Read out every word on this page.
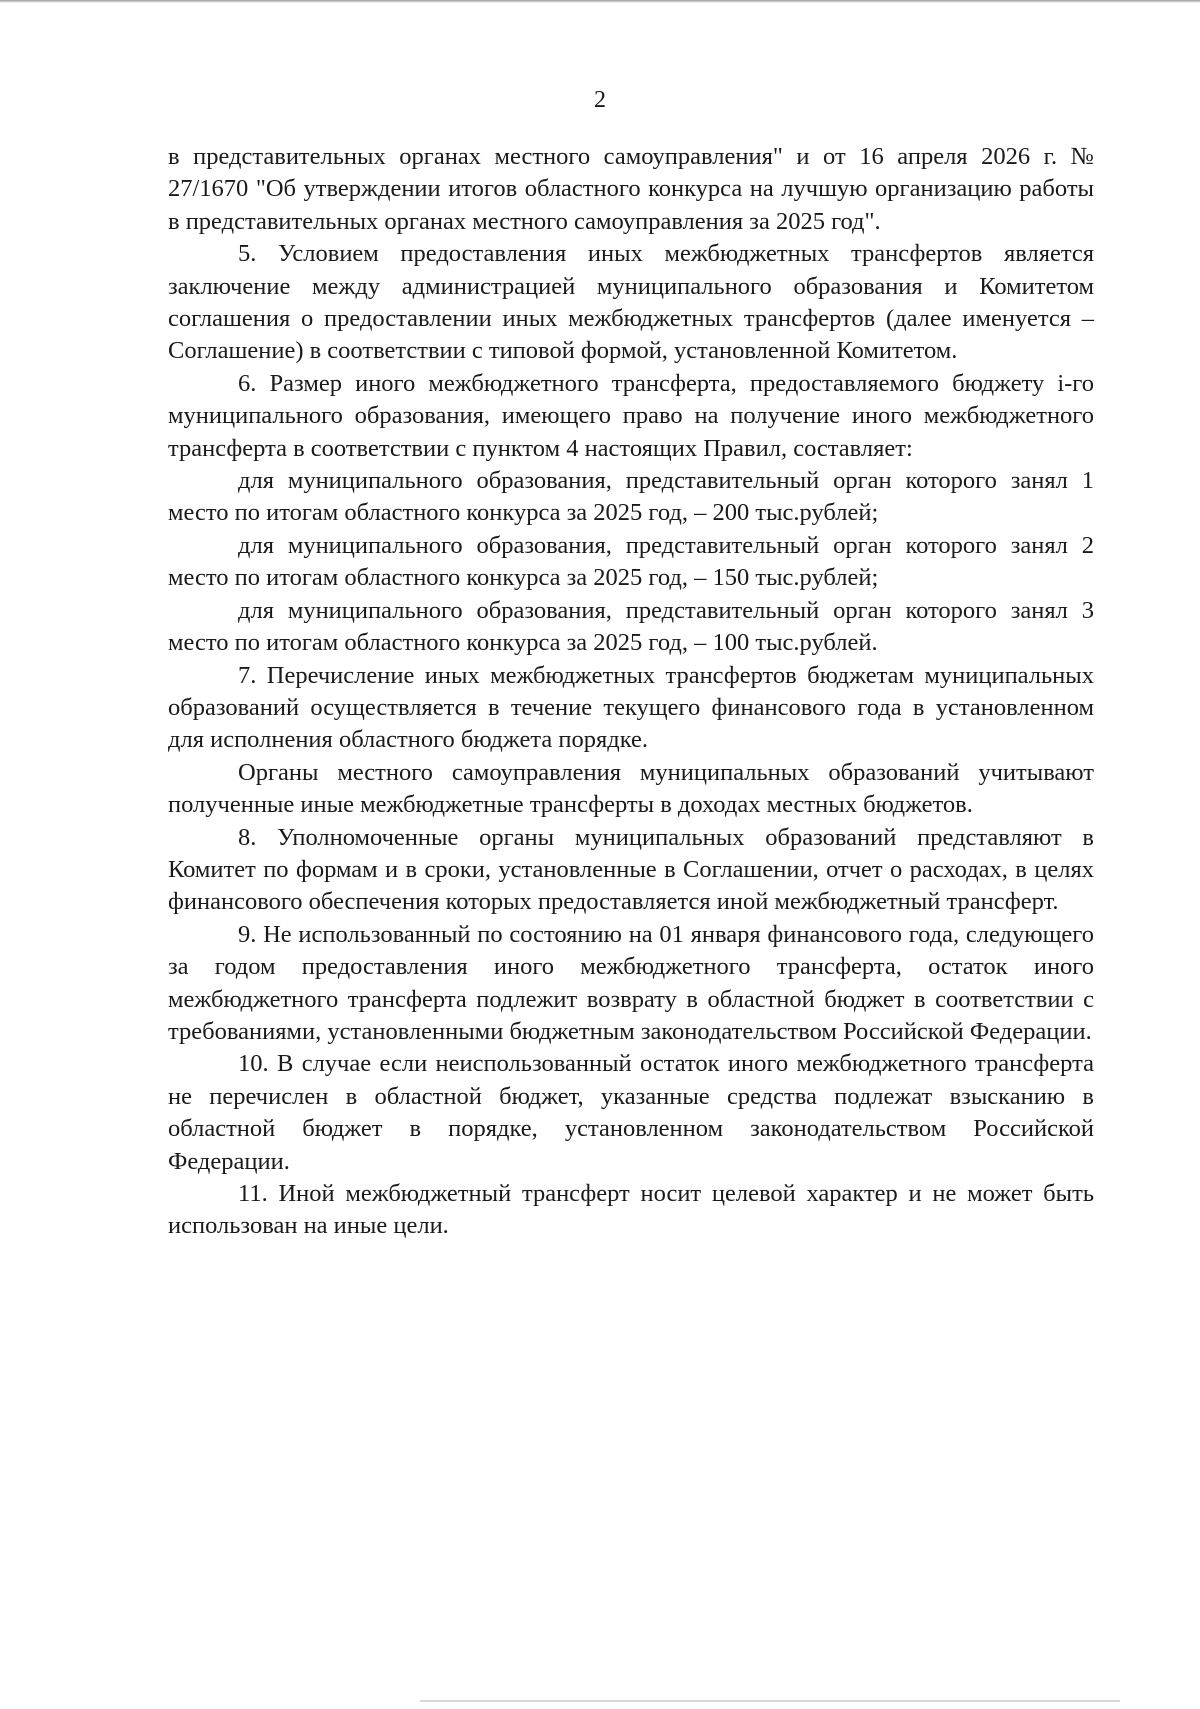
2

в представительных органах местного самоуправления" и от 16 апреля 2026 г. № 27/1670 "Об утверждении итогов областного конкурса на лучшую организацию работы в представительных органах местного самоуправления за 2025 год".

5. Условием предоставления иных межбюджетных трансфертов является заключение между администрацией муниципального образования и Комитетом соглашения о предоставлении иных межбюджетных трансфертов (далее именуется – Соглашение) в соответствии с типовой формой, установленной Комитетом.

6. Размер иного межбюджетного трансферта, предоставляемого бюджету i-го муниципального образования, имеющего право на получение иного межбюджетного трансферта в соответствии с пунктом 4 настоящих Правил, составляет:

для муниципального образования, представительный орган которого занял 1 место по итогам областного конкурса за 2025 год, – 200 тыс.рублей;

для муниципального образования, представительный орган которого занял 2 место по итогам областного конкурса за 2025 год, – 150 тыс.рублей;

для муниципального образования, представительный орган которого занял 3 место по итогам областного конкурса за 2025 год, – 100 тыс.рублей.

7. Перечисление иных межбюджетных трансфертов бюджетам муниципальных образований осуществляется в течение текущего финансового года в установленном для исполнения областного бюджета порядке.

Органы местного самоуправления муниципальных образований учитывают полученные иные межбюджетные трансферты в доходах местных бюджетов.

8. Уполномоченные органы муниципальных образований представляют в Комитет по формам и в сроки, установленные в Соглашении, отчет о расходах, в целях финансового обеспечения которых предоставляется иной межбюджетный трансферт.

9. Не использованный по состоянию на 01 января финансового года, следующего за годом предоставления иного межбюджетного трансферта, остаток иного межбюджетного трансферта подлежит возврату в областной бюджет в соответствии с требованиями, установленными бюджетным законодательством Российской Федерации.

10. В случае если неиспользованный остаток иного межбюджетного трансферта не перечислен в областной бюджет, указанные средства подлежат взысканию в областной бюджет в порядке, установленном законодательством Российской Федерации.

11. Иной межбюджетный трансферт носит целевой характер и не может быть использован на иные цели.
